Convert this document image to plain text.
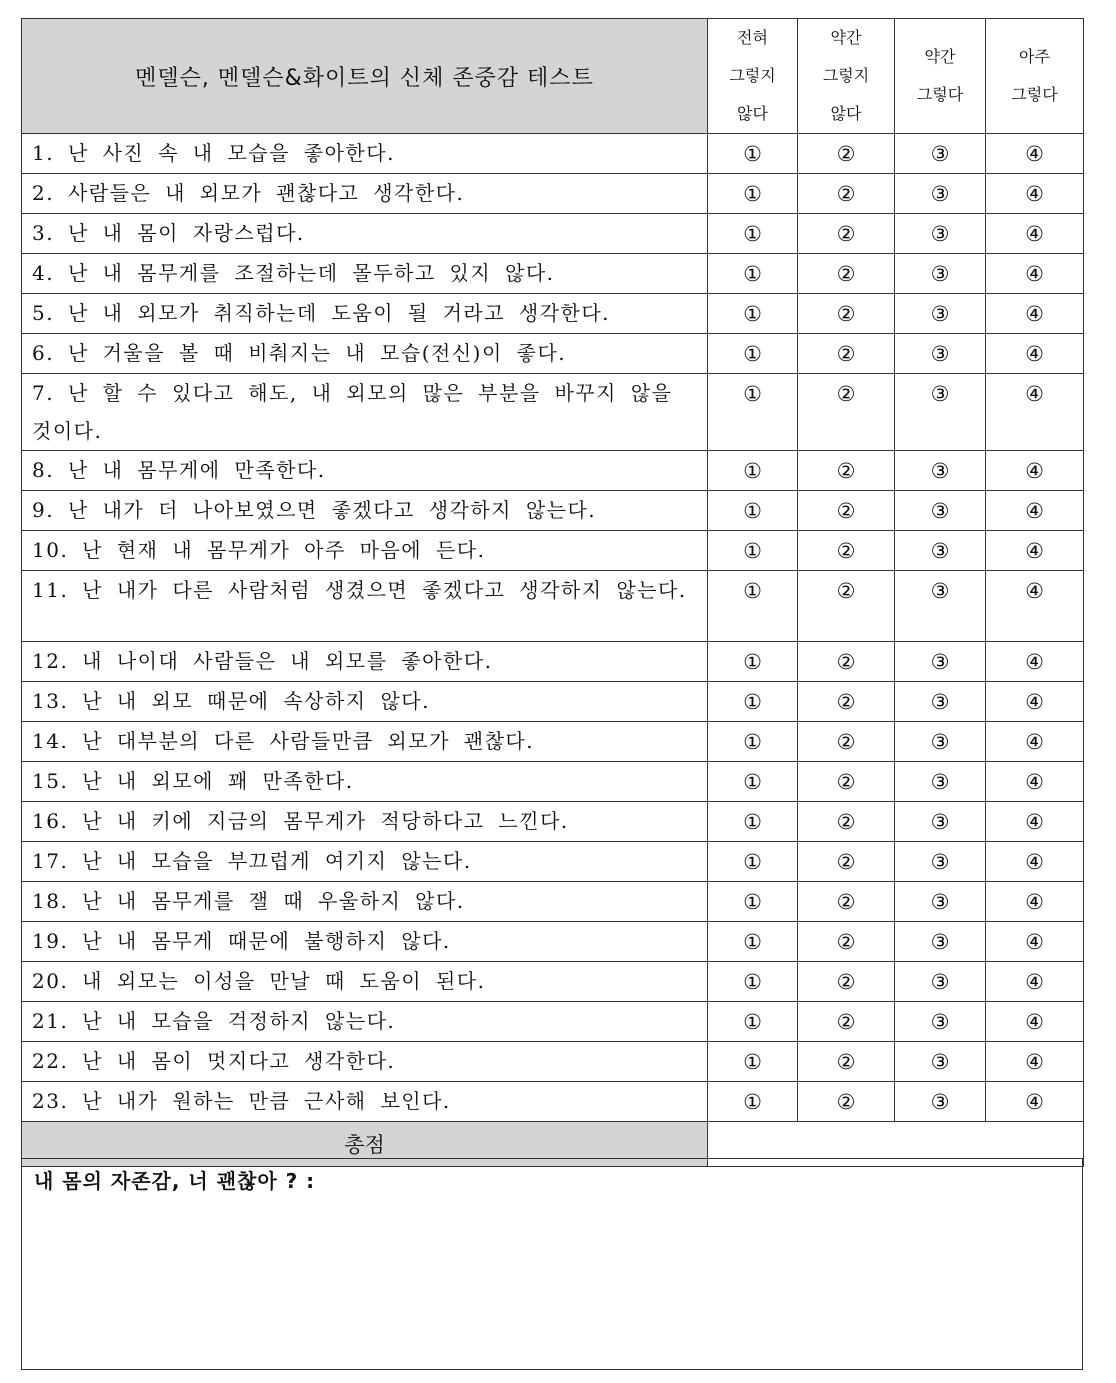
멘델슨, 멘델슨&화이트의 신체 존중감 테스트	전혀
그렇지
않다	약간
그렇지
않다	약간
그렇다	아주
그렇다
1. 난 사진 속 내 모습을 좋아한다.	①	②	③	④
2. 사람들은 내 외모가 괜찮다고 생각한다.	①	②	③	④
3. 난 내 몸이 자랑스럽다.	①	②	③	④
4. 난 내 몸무게를 조절하는데 몰두하고 있지 않다.	①	②	③	④
5. 난 내 외모가 취직하는데 도움이 될 거라고 생각한다.	①	②	③	④
6. 난 거울을 볼 때 비춰지는 내 모습(전신)이 좋다.	①	②	③	④
7. 난 할 수 있다고 해도, 내 외모의 많은 부분을 바꾸지 않을 것이다.	①	②	③	④
8. 난 내 몸무게에 만족한다.	①	②	③	④
9. 난 내가 더 나아보였으면 좋겠다고 생각하지 않는다.	①	②	③	④
10. 난 현재 내 몸무게가 아주 마음에 든다.	①	②	③	④
11. 난 내가 다른 사람처럼 생겼으면 좋겠다고 생각하지 않는다.	①	②	③	④
12. 내 나이대 사람들은 내 외모를 좋아한다.	①	②	③	④
13. 난 내 외모 때문에 속상하지 않다.	①	②	③	④
14. 난 대부분의 다른 사람들만큼 외모가 괜찮다.	①	②	③	④
15. 난 내 외모에 꽤 만족한다.	①	②	③	④
16. 난 내 키에 지금의 몸무게가 적당하다고 느낀다.	①	②	③	④
17. 난 내 모습을 부끄럽게 여기지 않는다.	①	②	③	④
18. 난 내 몸무게를 잴 때 우울하지 않다.	①	②	③	④
19. 난 내 몸무게 때문에 불행하지 않다.	①	②	③	④
20. 내 외모는 이성을 만날 때 도움이 된다.	①	②	③	④
21. 난 내 모습을 걱정하지 않는다.	①	②	③	④
22. 난 내 몸이 멋지다고 생각한다.	①	②	③	④
23. 난 내가 원하는 만큼 근사해 보인다.	①	②	③	④
총점				
내 몸의 자존감, 너 괜찮아 ? :
